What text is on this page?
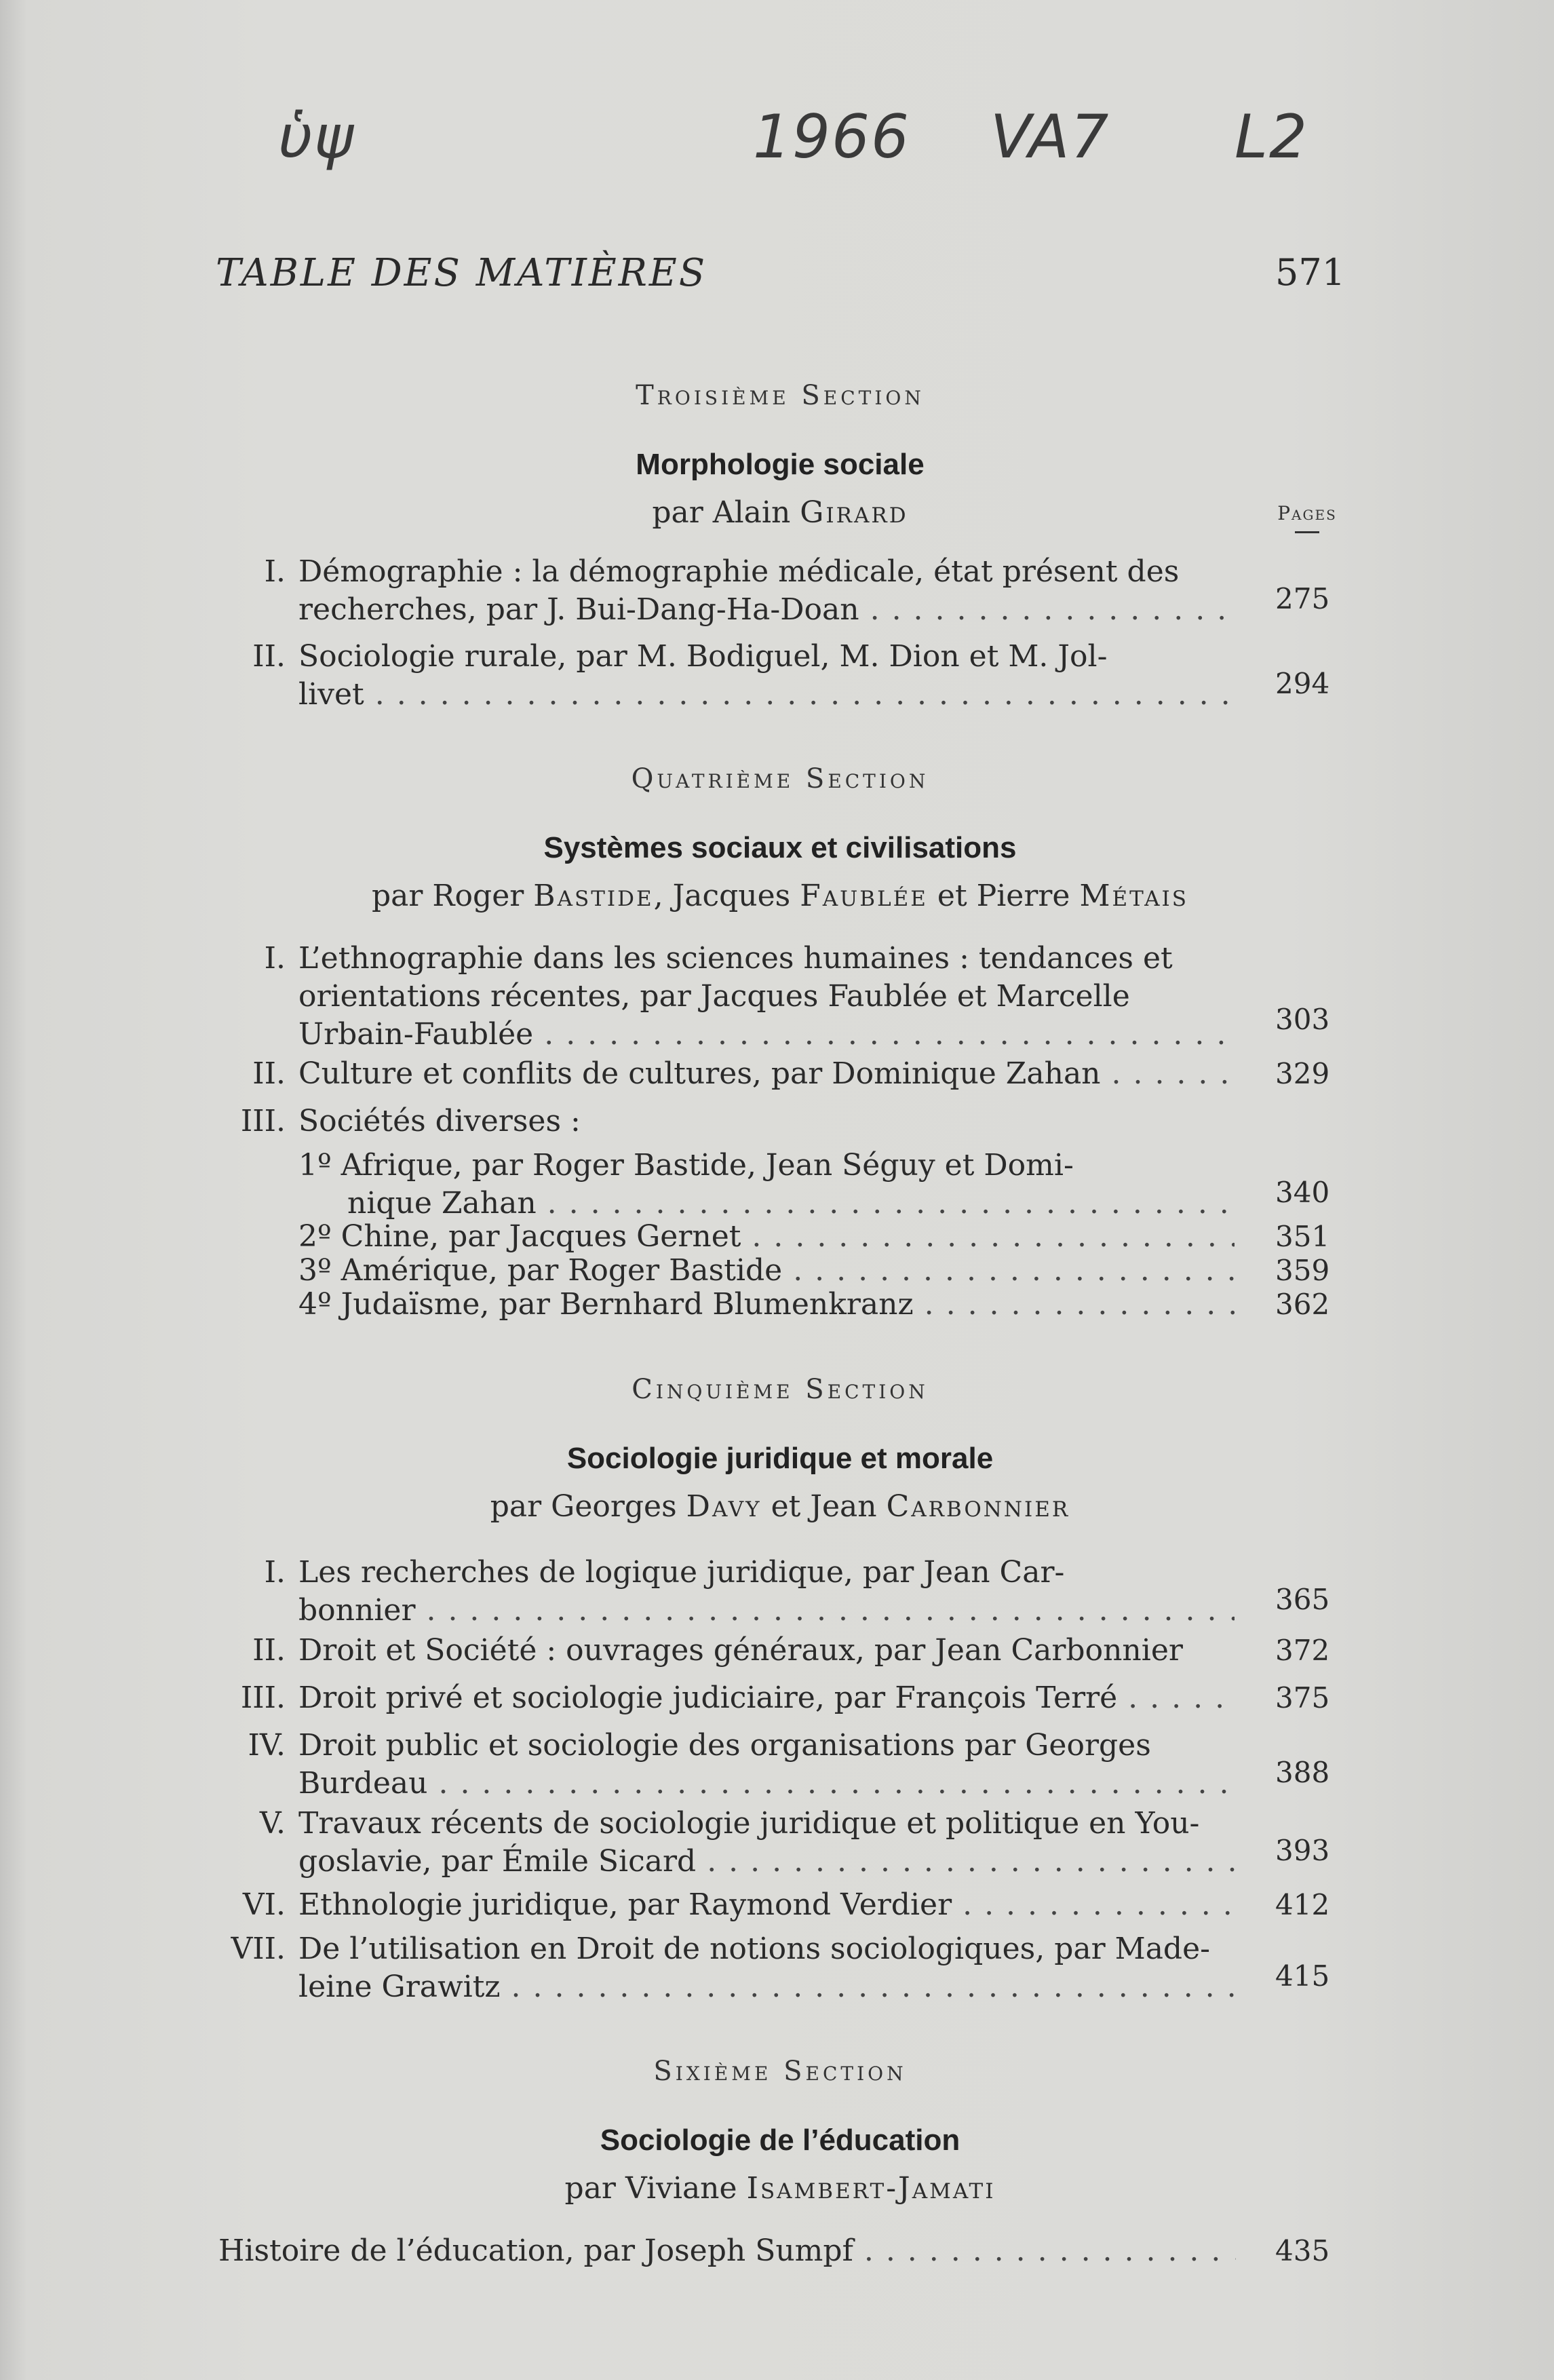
ὑψ	1966 VA7 L2
TABLE DES MATIÈRES	571
Troisième Section
Morphologie sociale
par Alain Girard	Pages
I. Démographie : la démographie médicale, état présent des
recherches, par J. Bui-Dang-Ha-Doan . . .	275
II. Sociologie rurale, par M. Bodiguel, M. Dion et M. Jol-
livet . . .	294
Quatrième Section
Systèmes sociaux et civilisations
par Roger Bastide, Jacques Faublée et Pierre Métais
I. L’ethnographie dans les sciences humaines : tendances et
orientations récentes, par Jacques Faublée et Marcelle
Urbain-Faublée . . .	303
II. Culture et conflits de cultures, par Dominique Zahan . . .	329
III. Sociétés diverses :
1º Afrique, par Roger Bastide, Jean Séguy et Domi-
nique Zahan . . .	340
2º Chine, par Jacques Gernet . . .	351
3º Amérique, par Roger Bastide . . .	359
4º Judaïsme, par Bernhard Blumenkranz . . .	362
Cinquième Section
Sociologie juridique et morale
par Georges Davy et Jean Carbonnier
I. Les recherches de logique juridique, par Jean Car-
bonnier . . .	365
II. Droit et Société : ouvrages généraux, par Jean Carbonnier	372
III. Droit privé et sociologie judiciaire, par François Terré . . .	375
IV. Droit public et sociologie des organisations par Georges
Burdeau . . .	388
V. Travaux récents de sociologie juridique et politique en You-
goslavie, par Émile Sicard . . .	393
VI. Ethnologie juridique, par Raymond Verdier . . .	412
VII. De l’utilisation en Droit de notions sociologiques, par Made-
leine Grawitz . . .	415
Sixième Section
Sociologie de l’éducation
par Viviane Isambert-Jamati
Histoire de l’éducation, par Joseph Sumpf . . .	435
